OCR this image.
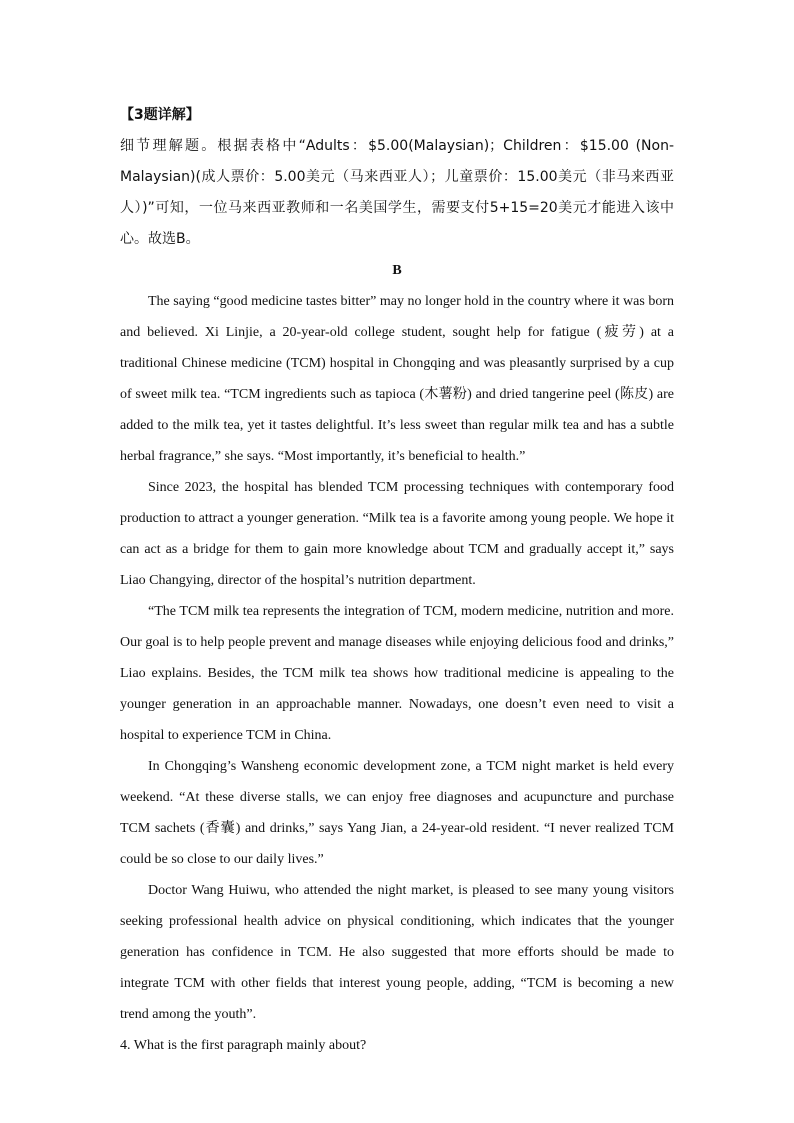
【3题详解】

细节理解题。根据表格中“Adults：$5.00(Malaysian)；Children：$15.00 (Non-Malaysian)(成人票价：5.00美元（马来西亚人）；儿童票价：15.00美元（非马来西亚人）)”可知，一位马来西亚教师和一名美国学生，需要支付5+15=20美元才能进入该中心。故选B。

B

The saying “good medicine tastes bitter” may no longer hold in the country where it was born and believed. Xi Linjie, a 20-year-old college student, sought help for fatigue (疲劳) at a traditional Chinese medicine (TCM) hospital in Chongqing and was pleasantly surprised by a cup of sweet milk tea. “TCM ingredients such as tapioca (木薯粉) and dried tangerine peel (陈皮) are added to the milk tea, yet it tastes delightful. It’s less sweet than regular milk tea and has a subtle herbal fragrance,” she says. “Most importantly, it’s beneficial to health.”

Since 2023, the hospital has blended TCM processing techniques with contemporary food production to attract a younger generation. “Milk tea is a favorite among young people. We hope it can act as a bridge for them to gain more knowledge about TCM and gradually accept it,” says Liao Changying, director of the hospital’s nutrition department.

“The TCM milk tea represents the integration of TCM, modern medicine, nutrition and more. Our goal is to help people prevent and manage diseases while enjoying delicious food and drinks,” Liao explains. Besides, the TCM milk tea shows how traditional medicine is appealing to the younger generation in an approachable manner. Nowadays, one doesn’t even need to visit a hospital to experience TCM in China.

In Chongqing’s Wansheng economic development zone, a TCM night market is held every weekend. “At these diverse stalls, we can enjoy free diagnoses and acupuncture and purchase TCM sachets (香囊) and drinks,” says Yang Jian, a 24-year-old resident. “I never realized TCM could be so close to our daily lives.”

Doctor Wang Huiwu, who attended the night market, is pleased to see many young visitors seeking professional health advice on physical conditioning, which indicates that the younger generation has confidence in TCM. He also suggested that more efforts should be made to integrate TCM with other fields that interest young people, adding, “TCM is becoming a new trend among the youth”.

4. What is the first paragraph mainly about?
